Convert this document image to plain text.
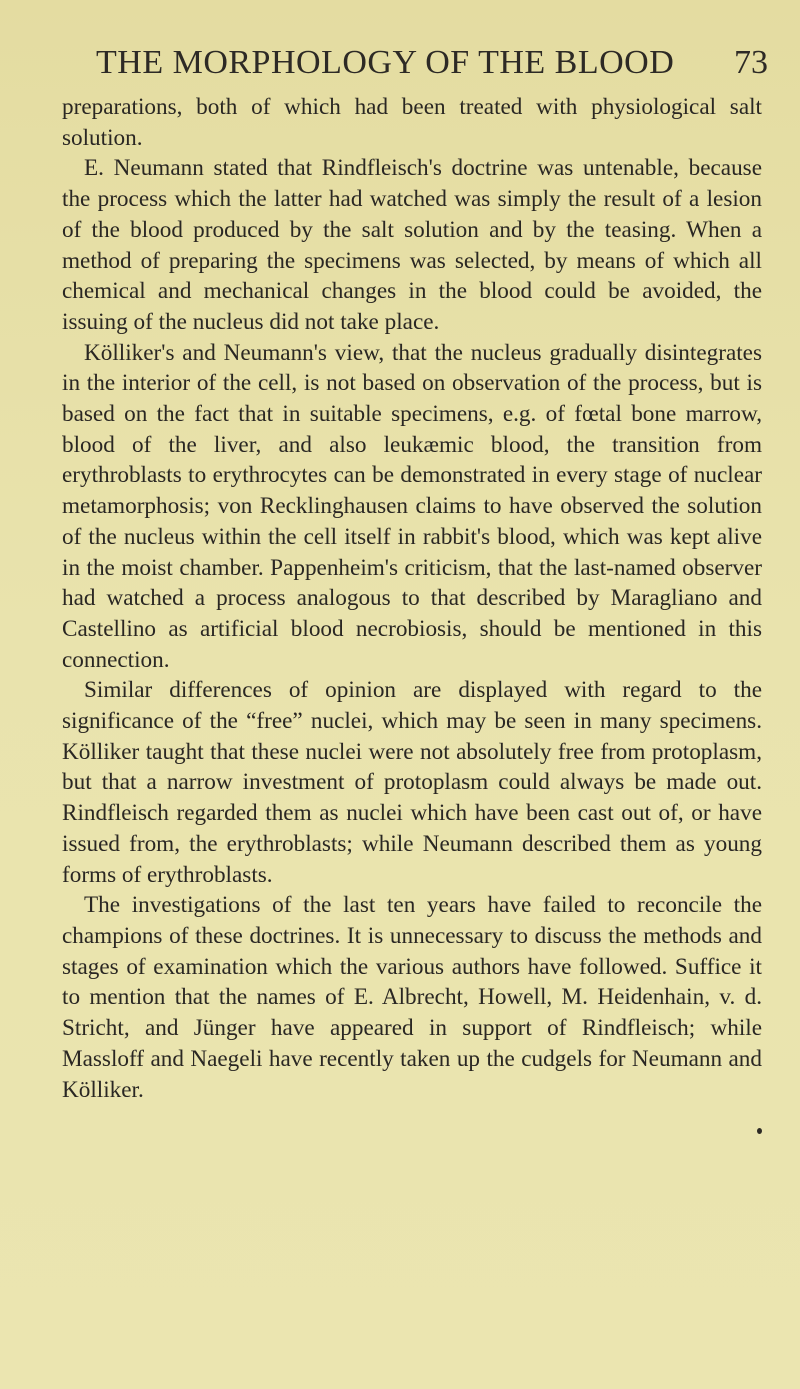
THE MORPHOLOGY OF THE BLOOD 73

preparations, both of which had been treated with physiological salt solution.

E. Neumann stated that Rindfleisch's doctrine was untenable, because the process which the latter had watched was simply the result of a lesion of the blood produced by the salt solution and by the teasing. When a method of preparing the specimens was selected, by means of which all chemical and mechanical changes in the blood could be avoided, the issuing of the nucleus did not take place.

Kölliker's and Neumann's view, that the nucleus gradually disintegrates in the interior of the cell, is not based on observation of the process, but is based on the fact that in suitable specimens, e.g. of fœtal bone marrow, blood of the liver, and also leukæmic blood, the transition from erythroblasts to erythrocytes can be demonstrated in every stage of nuclear metamorphosis; von Recklinghausen claims to have observed the solution of the nucleus within the cell itself in rabbit's blood, which was kept alive in the moist chamber. Pappenheim's criticism, that the last-named observer had watched a process analogous to that described by Maragliano and Castellino as artificial blood necrobiosis, should be mentioned in this connection.

Similar differences of opinion are displayed with regard to the significance of the “free” nuclei, which may be seen in many specimens. Kölliker taught that these nuclei were not absolutely free from protoplasm, but that a narrow investment of protoplasm could always be made out. Rindfleisch regarded them as nuclei which have been cast out of, or have issued from, the erythroblasts; while Neumann described them as young forms of erythroblasts.

The investigations of the last ten years have failed to reconcile the champions of these doctrines. It is unnecessary to discuss the methods and stages of examination which the various authors have followed. Suffice it to mention that the names of E. Albrecht, Howell, M. Heidenhain, v. d. Stricht, and Jünger have appeared in support of Rindfleisch; while Massloff and Naegeli have recently taken up the cudgels for Neumann and Kölliker.
